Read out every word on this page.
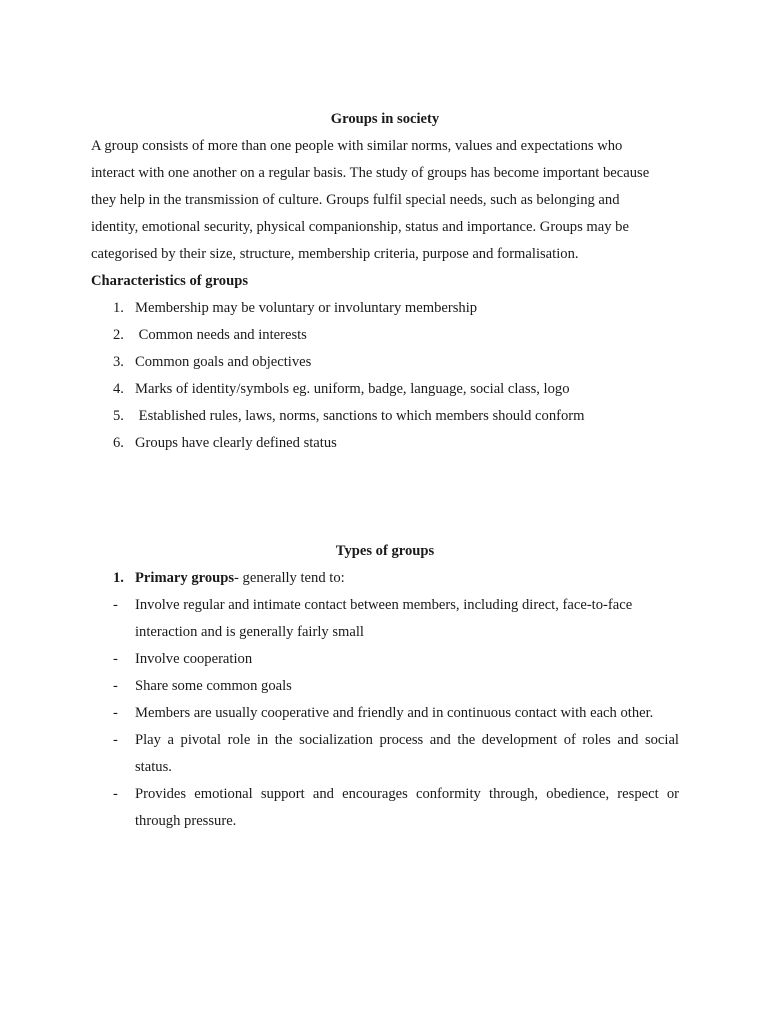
Groups in society

A group consists of more than one people with similar norms, values and expectations who
interact with one another on a regular basis. The study of groups has become important because
they help in the transmission of culture. Groups fulfil special needs, such as belonging and
identity, emotional security, physical companionship, status and importance. Groups may be
categorised by their size, structure, membership criteria, purpose and formalisation.

Characteristics of groups

1. Membership may be voluntary or involuntary membership
2. Common needs and interests
3. Common goals and objectives
4. Marks of identity/symbols eg. uniform, badge, language, social class, logo
5. Established rules, laws, norms, sanctions to which members should conform
6. Groups have clearly defined status

Types of groups

1. Primary groups- generally tend to:
- Involve regular and intimate contact between members, including direct, face-to-face
interaction and is generally fairly small
- Involve cooperation
- Share some common goals
- Members are usually cooperative and friendly and in continuous contact with each other.
- Play a pivotal role in the socialization process and the development of roles and social
status.
- Provides emotional support and encourages conformity through, obedience, respect or
through pressure.
